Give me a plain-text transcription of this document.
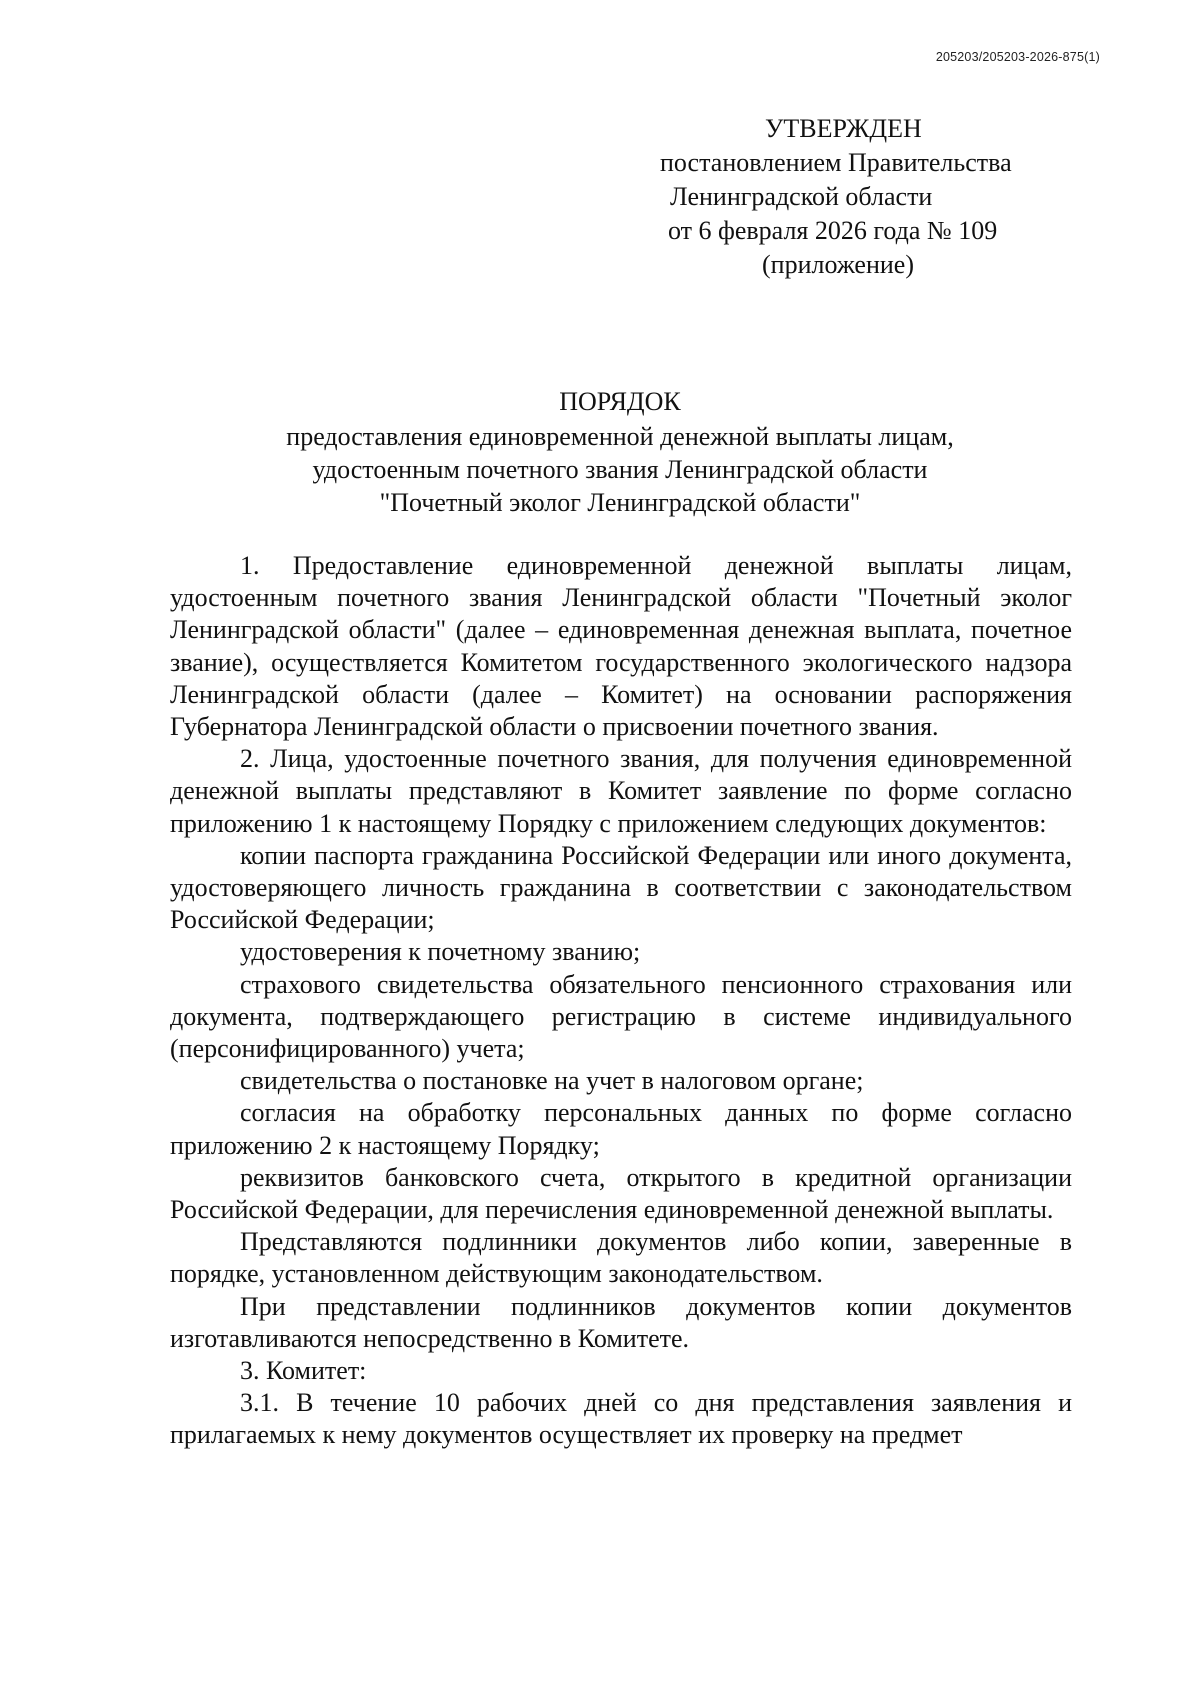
205203/205203-2026-875(1)
УТВЕРЖДЕН
постановлением Правительства
Ленинградской области
от 6 февраля 2026 года № 109
(приложение)
ПОРЯДОК
предоставления единовременной денежной выплаты лицам,
удостоенным почетного звания Ленинградской области
"Почетный эколог Ленинградской области"

1. Предоставление единовременной денежной выплаты лицам, удостоенным почетного звания Ленинградской области "Почетный эколог Ленинградской области" (далее – единовременная денежная выплата, почетное звание), осуществляется Комитетом государственного экологического надзора Ленинградской области (далее – Комитет) на основании распоряжения Губернатора Ленинградской области о присвоении почетного звания.

2. Лица, удостоенные почетного звания, для получения единовременной денежной выплаты представляют в Комитет заявление по форме согласно приложению 1 к настоящему Порядку с приложением следующих документов:

копии паспорта гражданина Российской Федерации или иного документа, удостоверяющего личность гражданина в соответствии с законодательством Российской Федерации;

удостоверения к почетному званию;

страхового свидетельства обязательного пенсионного страхования или документа, подтверждающего регистрацию в системе индивидуального (персонифицированного) учета;

свидетельства о постановке на учет в налоговом органе;

согласия на обработку персональных данных по форме согласно приложению 2 к настоящему Порядку;

реквизитов банковского счета, открытого в кредитной организации Российской Федерации, для перечисления единовременной денежной выплаты.

Представляются подлинники документов либо копии, заверенные в порядке, установленном действующим законодательством.

При представлении подлинников документов копии документов изготавливаются непосредственно в Комитете.

3. Комитет:

3.1. В течение 10 рабочих дней со дня представления заявления и прилагаемых к нему документов осуществляет их проверку на предмет
